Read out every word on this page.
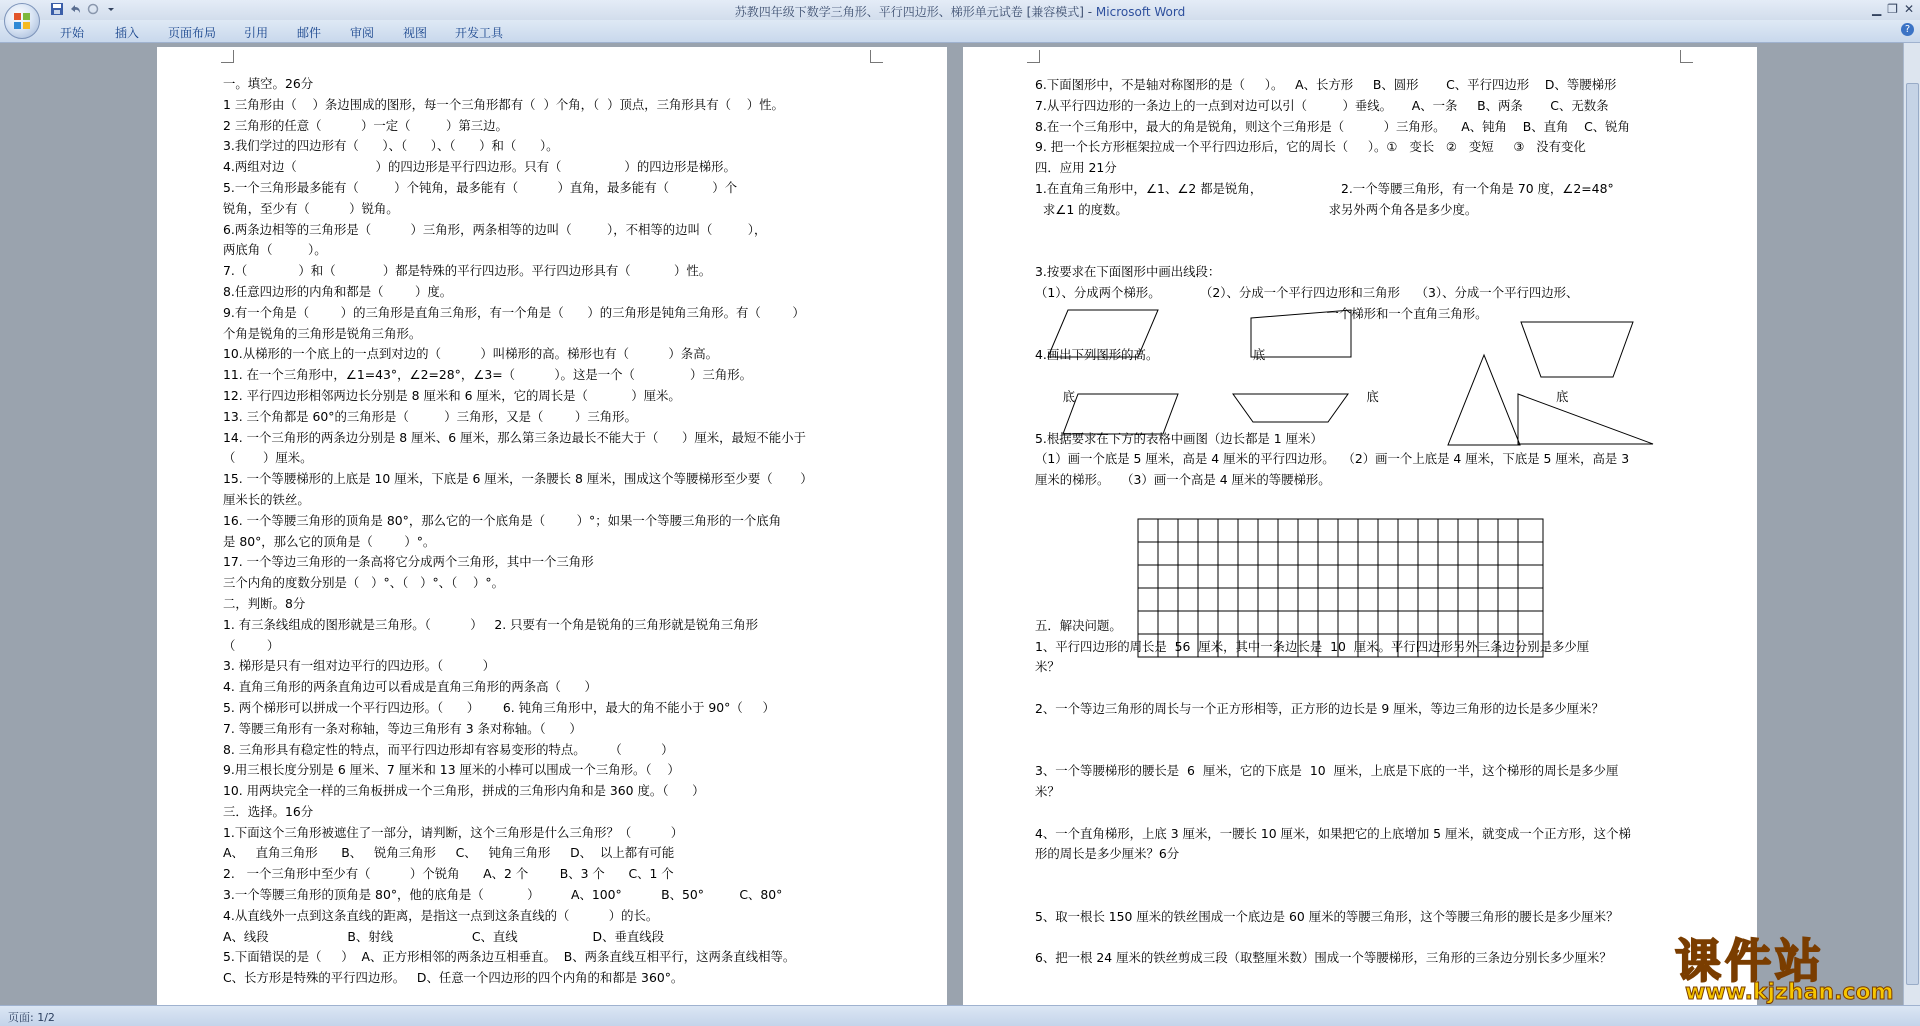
苏教四年级下数学三角形、平行四边形、梯形单元试卷 [兼容模式] - Microsoft Word	▁ ❐ ✕
开始	插入 页面布局 引用 邮件 审阅 视图 开发工具	?
一。填空。26分
1 三角形由（    ）条边围成的图形，每一个三角形都有（  ）个角，（  ）顶点，三角形具有（    ）性。
2 三角形的任意（          ）一定（         ）第三边。
3.我们学过的四边形有（      ）、（      ）、（      ）和（      ）。
4.两组对边（                    ）的四边形是平行四边形。只有（                ）的四边形是梯形。
5.一个三角形最多能有（         ）个钝角，最多能有（          ）直角，最多能有（           ）个
锐角，至少有（          ）锐角。
6.两条边相等的三角形是（          ）三角形，两条相等的边叫（         ），不相等的边叫（         ），
两底角（         ）。
7.（             ）和（            ）都是特殊的平行四边形。平行四边形具有（           ）性。
8.任意四边形的内角和都是（        ）度。
9.有一个角是（        ）的三角形是直角三角形，有一个角是（      ）的三角形是钝角三角形。有（        ）
个角是锐角的三角形是锐角三角形。
10.从梯形的一个底上的一点到对边的（          ）叫梯形的高。梯形也有（          ）条高。
11. 在一个三角形中，∠1=43°，∠2=28°，∠3=（          ）。这是一个（              ）三角形。
12. 平行四边形相邻两边长分别是 8 厘米和 6 厘米，它的周长是（           ）厘米。
13. 三个角都是 60°的三角形是（         ）三角形，又是（        ）三角形。
14. 一个三角形的两条边分别是 8 厘米、6 厘米，那么第三条边最长不能大于（      ）厘米，最短不能小于
（       ）厘米。
15. 一个等腰梯形的上底是 10 厘米，下底是 6 厘米，一条腰长 8 厘米，围成这个等腰梯形至少要（       ）
厘米长的铁丝。
16. 一个等腰三角形的顶角是 80°，那么它的一个底角是（        ）°；如果一个等腰三角形的一个底角
是 80°，那么它的顶角是（        ）°。
17. 一个等边三角形的一条高将它分成两个三角形，其中一个三角形
三个内角的度数分别是（   ）°、（   ）°、（    ）°。
二，判断。8分
1. 有三条线组成的图形就是三角形。（          ）   2. 只要有一个角是锐角的三角形就是锐角三角形
（        ）
3. 梯形是只有一组对边平行的四边形。（          ）
4. 直角三角形的两条直角边可以看成是直角三角形的两条高（      ）
5. 两个梯形可以拼成一个平行四边形。（      ）      6. 钝角三角形中，最大的角不能小于 90°（     ）
7. 等腰三角形有一条对称轴，等边三角形有 3 条对称轴。（      ）
8. 三角形具有稳定性的特点，而平行四边形却有容易变形的特点。      （          ）
9.用三根长度分别是 6 厘米、7 厘米和 13 厘米的小棒可以围成一个三角形。（    ）
10. 用两块完全一样的三角板拼成一个三角形，拼成的三角形内角和是 360 度。（      ）
三．选择。16分
1.下面这个三角形被遮住了一部分，请判断，这个三角形是什么三角形？（          ）
A、   直角三角形      B、   锐角三角形     C、   钝角三角形     D、  以上都有可能
2.   一个三角形中至少有（          ）个锐角      A、2 个        B、3 个      C、1 个
3.一个等腰三角形的顶角是 80°，他的底角是（           ）        A、100°          B、50°         C、80°
4.从直线外一点到这条直线的距离，是指这一点到这条直线的（          ）的长。
A、线段                    B、射线                    C、直线                   D、垂直线段
5.下面错误的是（     ）  A、正方形相邻的两条边互相垂直。  B、两条直线互相平行，这两条直线相等。
C、长方形是特殊的平行四边形。   D、任意一个四边形的四个内角的和都是 360°。
6.下面图形中，不是轴对称图形的是（     ）。   A、长方形     B、圆形       C、平行四边形    D、等腰梯形
7.从平行四边形的一条边上的一点到对边可以引（         ）垂线。     A、一条     B、两条       C、无数条
8.在一个三角形中，最大的角是锐角，则这个三角形是（          ）三角形。    A、钝角    B、直角    C、锐角
9. 把一个长方形框架拉成一个平行四边形后，它的周长（     ）。①   变长   ②   变短     ③   没有变化
四．应用 21分
1.在直角三角形中，∠1、∠2 都是锐角，                    2.一个等腰三角形，有一个角是 70 度，∠2=48°
求∠1 的度数。                                                   求另外两个角各是多少度。
3.按要求在下面图形中画出线段：
（1）、分成两个梯形。          （2）、分成一个平行四边形和三角形    （3）、分成一个平行四边形、
一个梯形和一个直角三角形。
4.画出下列图形的高。                        底
底                                                                          底                                             底
5.根据要求在下方的表格中画图（边长都是 1 厘米）
（1）画一个底是 5 厘米，高是 4 厘米的平行四边形。  （2）画一个上底是 4 厘米，下底是 5 厘米，高是 3
厘米的梯形。   （3）画一个高是 4 厘米的等腰梯形。
五．解决问题。
1、平行四边形的周长是  56  厘米，其中一条边长是  10  厘米。平行四边形另外三条边分别是多少厘
米？
2、一个等边三角形的周长与一个正方形相等，正方形的边长是 9 厘米，等边三角形的边长是多少厘米？
3、一个等腰梯形的腰长是  6  厘米，它的下底是  10  厘米，上底是下底的一半，这个梯形的周长是多少厘
米？
4、一个直角梯形，上底 3 厘米，一腰长 10 厘米，如果把它的上底增加 5 厘米，就变成一个正方形，这个梯
形的周长是多少厘米？6分
5、取一根长 150 厘米的铁丝围成一个底边是 60 厘米的等腰三角形，这个等腰三角形的腰长是多少厘米？
6、把一根 24 厘米的铁丝剪成三段（取整厘米数）围成一个等腰梯形，三角形的三条边分别长多少厘米？
页面: 1/2
课件站
www.kjzhan.com
